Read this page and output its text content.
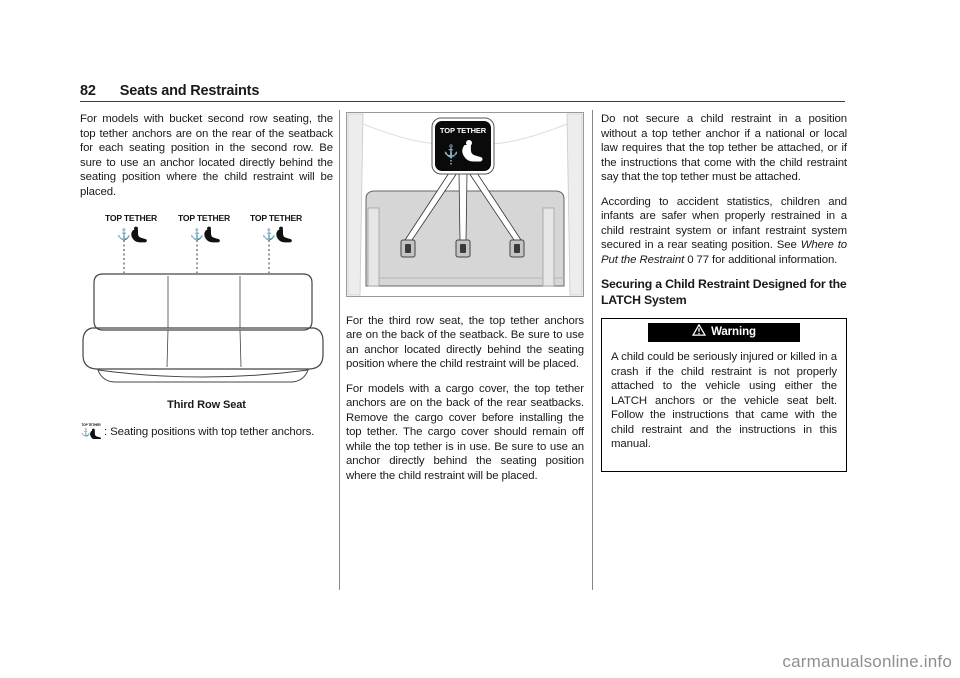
82 Seats and Restraints

For models with bucket second row seating, the top tether anchors are on the rear of the seatback for each seating position in the second row. Be sure to use an anchor located directly behind the seating position where the child restraint will be placed.

TOP TETHER
⚓
TOP TETHER
⚓
TOP TETHER
⚓
Third Row Seat

TOP TETHER
⚓ : Seating positions with top tether anchors.

TOP TETHER
⚓

For the third row seat, the top tether anchors are on the back of the seatback. Be sure to use an anchor located directly behind the seating position where the child restraint will be placed.

For models with a cargo cover, the top tether anchors are on the back of the rear seatbacks. Remove the cargo cover before installing the top tether. The cargo cover should remain off while the top tether is in use. Be sure to use an anchor directly behind the seating position where the child restraint will be placed.

Do not secure a child restraint in a position without a top tether anchor if a national or local law requires that the top tether be attached, or if the instructions that come with the child restraint say that the top tether must be attached.

According to accident statistics, children and infants are safer when properly restrained in a child restraint system or infant restraint system secured in a rear seating position. See Where to Put the Restraint 0 77 for additional information.

Securing a Child Restraint Designed for the LATCH System
Warning

A child could be seriously injured or killed in a crash if the child restraint is not properly attached to the vehicle using either the LATCH anchors or the vehicle seat belt. Follow the instructions that came with the child restraint and the instructions in this manual.

carmanualsonline.info
